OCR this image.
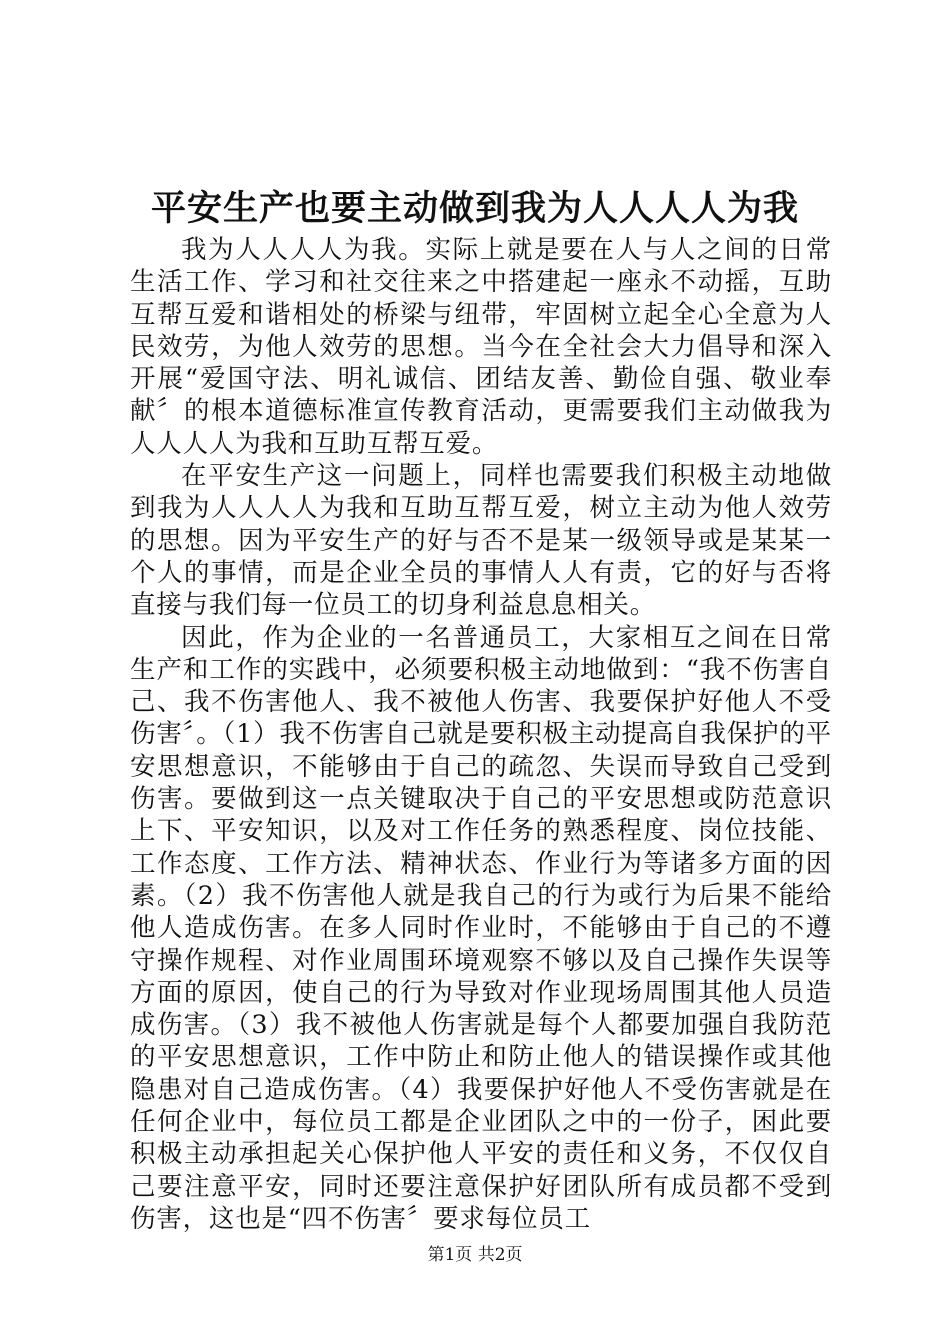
平安生产也要主动做到我为人人人人为我

我为人人人人为我。实际上就是要在人与人之间的日常生活工作、学习和社交往来之中搭建起一座永不动摇，互助互帮互爱和谐相处的桥梁与纽带，牢固树立起全心全意为人民效劳，为他人效劳的思想。当今在全社会大力倡导和深入开展“爱国守法、明礼诚信、团结友善、勤俭自强、敬业奉献〞的根本道德标准宣传教育活动，更需要我们主动做我为人人人人为我和互助互帮互爱。

在平安生产这一问题上，同样也需要我们积极主动地做到我为人人人人为我和互助互帮互爱，树立主动为他人效劳的思想。因为平安生产的好与否不是某一级领导或是某某一个人的事情，而是企业全员的事情人人有责，它的好与否将直接与我们每一位员工的切身利益息息相关。

因此，作为企业的一名普通员工，大家相互之间在日常生产和工作的实践中，必须要积极主动地做到：“我不伤害自己、我不伤害他人、我不被他人伤害、我要保护好他人不受伤害〞。（1）我不伤害自己就是要积极主动提高自我保护的平安思想意识，不能够由于自己的疏忽、失误而导致自己受到伤害。要做到这一点关键取决于自己的平安思想或防范意识上下、平安知识，以及对工作任务的熟悉程度、岗位技能、工作态度、工作方法、精神状态、作业行为等诸多方面的因素。（2）我不伤害他人就是我自己的行为或行为后果不能给他人造成伤害。在多人同时作业时，不能够由于自己的不遵守操作规程、对作业周围环境观察不够以及自己操作失误等方面的原因，使自己的行为导致对作业现场周围其他人员造成伤害。（3）我不被他人伤害就是每个人都要加强自我防范的平安思想意识，工作中防止和防止他人的错误操作或其他隐患对自己造成伤害。（4）我要保护好他人不受伤害就是在任何企业中，每位员工都是企业团队之中的一份子，困此要积极主动承担起关心保护他人平安的责任和义务，不仅仅自己要注意平安，同时还要注意保护好团队所有成员都不受到伤害，这也是“四不伤害〞要求每位员工

第1页 共2页
